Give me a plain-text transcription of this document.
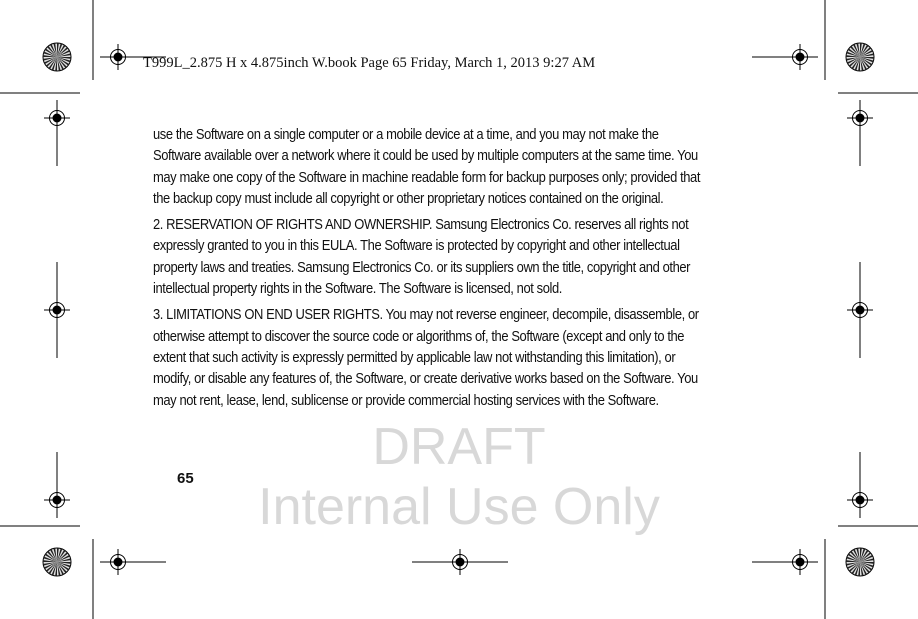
DRAFT
Internal Use Only
T999L_2.875 H x 4.875inch W.book Page 65 Friday, March 1, 2013 9:27 AM

use the Software on a single computer or a mobile device at a time, and you may not make the
Software available over a network where it could be used by multiple computers at the same time. You
may make one copy of the Software in machine readable form for backup purposes only; provided that
the backup copy must include all copyright or other proprietary notices contained on the original.

2. RESERVATION OF RIGHTS AND OWNERSHIP. Samsung Electronics Co. reserves all rights not
expressly granted to you in this EULA. The Software is protected by copyright and other intellectual
property laws and treaties. Samsung Electronics Co. or its suppliers own the title, copyright and other
intellectual property rights in the Software. The Software is licensed, not sold.

3. LIMITATIONS ON END USER RIGHTS. You may not reverse engineer, decompile, disassemble, or
otherwise attempt to discover the source code or algorithms of, the Software (except and only to the
extent that such activity is expressly permitted by applicable law not withstanding this limitation), or
modify, or disable any features of, the Software, or create derivative works based on the Software. You
may not rent, lease, lend, sublicense or provide commercial hosting services with the Software.

65
